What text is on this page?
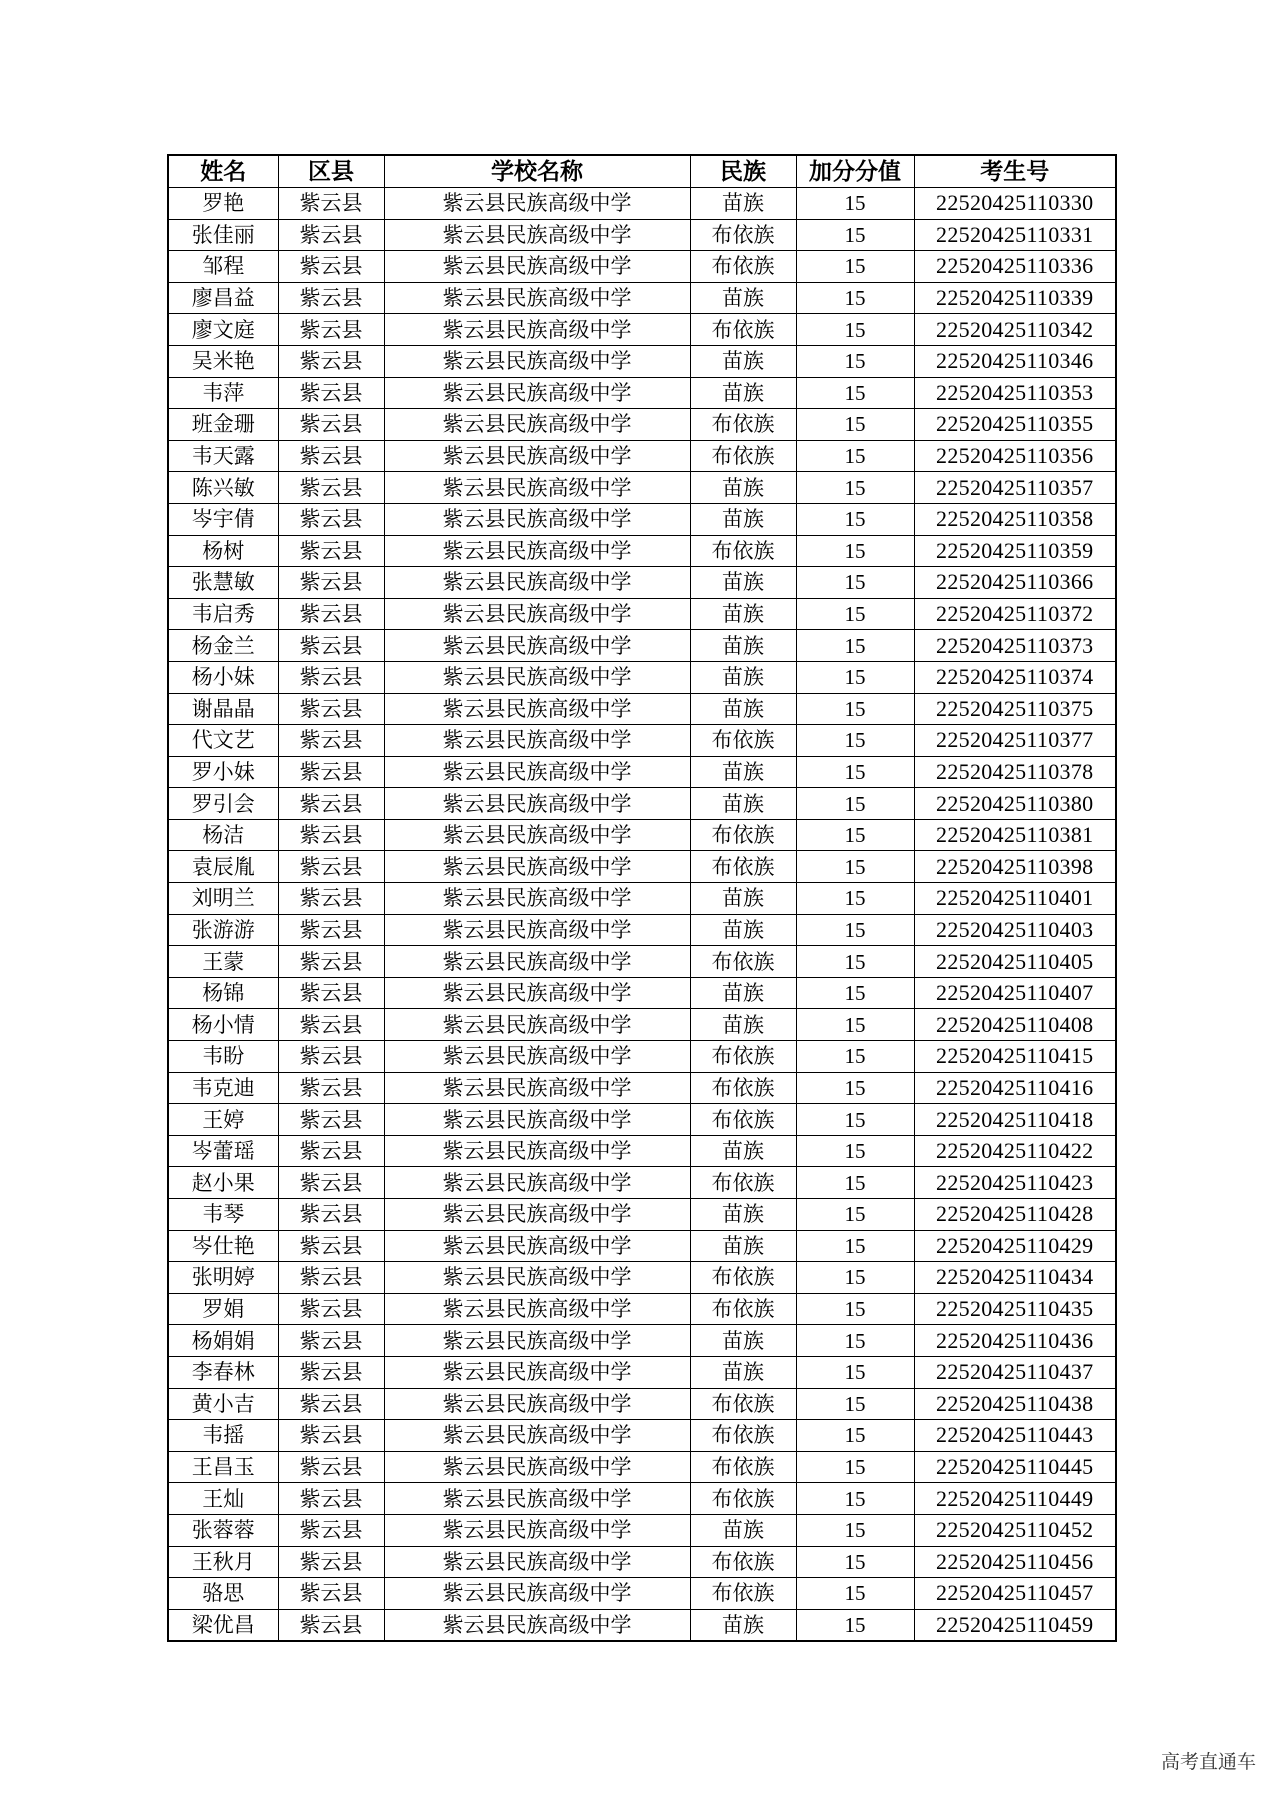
姓名	区县	学校名称	民族	加分分值	考生号
罗艳	紫云县	紫云县民族高级中学	苗族	15	22520425110330
张佳丽	紫云县	紫云县民族高级中学	布依族	15	22520425110331
邹程	紫云县	紫云县民族高级中学	布依族	15	22520425110336
廖昌益	紫云县	紫云县民族高级中学	苗族	15	22520425110339
廖文庭	紫云县	紫云县民族高级中学	布依族	15	22520425110342
吴米艳	紫云县	紫云县民族高级中学	苗族	15	22520425110346
韦萍	紫云县	紫云县民族高级中学	苗族	15	22520425110353
班金珊	紫云县	紫云县民族高级中学	布依族	15	22520425110355
韦天露	紫云县	紫云县民族高级中学	布依族	15	22520425110356
陈兴敏	紫云县	紫云县民族高级中学	苗族	15	22520425110357
岑宇倩	紫云县	紫云县民族高级中学	苗族	15	22520425110358
杨树	紫云县	紫云县民族高级中学	布依族	15	22520425110359
张慧敏	紫云县	紫云县民族高级中学	苗族	15	22520425110366
韦启秀	紫云县	紫云县民族高级中学	苗族	15	22520425110372
杨金兰	紫云县	紫云县民族高级中学	苗族	15	22520425110373
杨小妹	紫云县	紫云县民族高级中学	苗族	15	22520425110374
谢晶晶	紫云县	紫云县民族高级中学	苗族	15	22520425110375
代文艺	紫云县	紫云县民族高级中学	布依族	15	22520425110377
罗小妹	紫云县	紫云县民族高级中学	苗族	15	22520425110378
罗引会	紫云县	紫云县民族高级中学	苗族	15	22520425110380
杨洁	紫云县	紫云县民族高级中学	布依族	15	22520425110381
袁辰胤	紫云县	紫云县民族高级中学	布依族	15	22520425110398
刘明兰	紫云县	紫云县民族高级中学	苗族	15	22520425110401
张游游	紫云县	紫云县民族高级中学	苗族	15	22520425110403
王蒙	紫云县	紫云县民族高级中学	布依族	15	22520425110405
杨锦	紫云县	紫云县民族高级中学	苗族	15	22520425110407
杨小情	紫云县	紫云县民族高级中学	苗族	15	22520425110408
韦盼	紫云县	紫云县民族高级中学	布依族	15	22520425110415
韦克迪	紫云县	紫云县民族高级中学	布依族	15	22520425110416
王婷	紫云县	紫云县民族高级中学	布依族	15	22520425110418
岑蕾瑶	紫云县	紫云县民族高级中学	苗族	15	22520425110422
赵小果	紫云县	紫云县民族高级中学	布依族	15	22520425110423
韦琴	紫云县	紫云县民族高级中学	苗族	15	22520425110428
岑仕艳	紫云县	紫云县民族高级中学	苗族	15	22520425110429
张明婷	紫云县	紫云县民族高级中学	布依族	15	22520425110434
罗娟	紫云县	紫云县民族高级中学	布依族	15	22520425110435
杨娟娟	紫云县	紫云县民族高级中学	苗族	15	22520425110436
李春林	紫云县	紫云县民族高级中学	苗族	15	22520425110437
黄小吉	紫云县	紫云县民族高级中学	布依族	15	22520425110438
韦摇	紫云县	紫云县民族高级中学	布依族	15	22520425110443
王昌玉	紫云县	紫云县民族高级中学	布依族	15	22520425110445
王灿	紫云县	紫云县民族高级中学	布依族	15	22520425110449
张蓉蓉	紫云县	紫云县民族高级中学	苗族	15	22520425110452
王秋月	紫云县	紫云县民族高级中学	布依族	15	22520425110456
骆思	紫云县	紫云县民族高级中学	布依族	15	22520425110457
梁优昌	紫云县	紫云县民族高级中学	苗族	15	22520425110459
高考直通车
